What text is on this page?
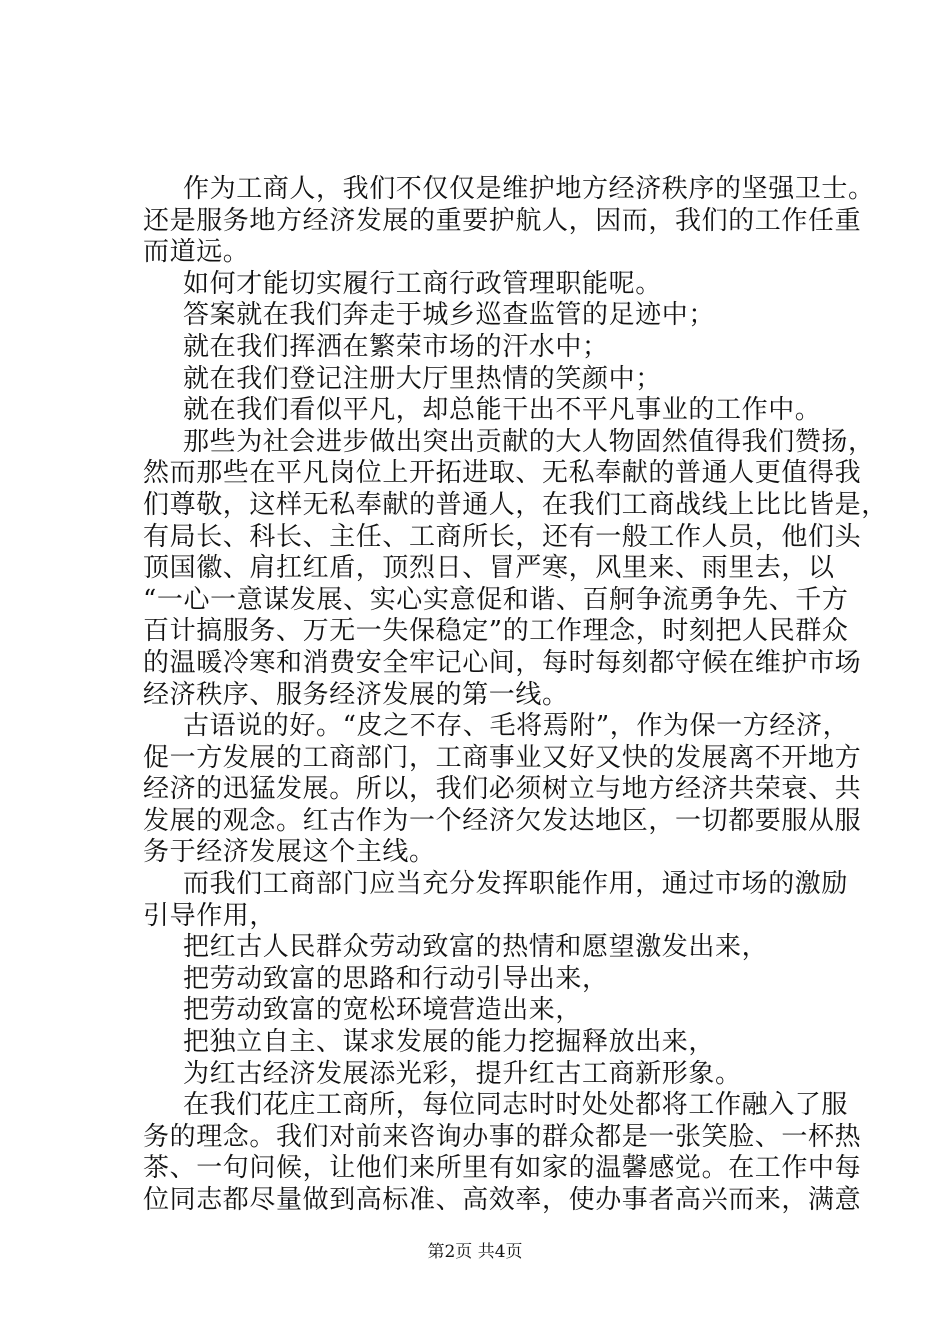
作为工商人，我们不仅仅是维护地方经济秩序的坚强卫士。
还是服务地方经济发展的重要护航人，因而，我们的工作任重
而道远。
如何才能切实履行工商行政管理职能呢。
答案就在我们奔走于城乡巡查监管的足迹中；
就在我们挥洒在繁荣市场的汗水中；
就在我们登记注册大厅里热情的笑颜中；
就在我们看似平凡，却总能干出不平凡事业的工作中。
那些为社会进步做出突出贡献的大人物固然值得我们赞扬，
然而那些在平凡岗位上开拓进取、无私奉献的普通人更值得我
们尊敬，这样无私奉献的普通人，在我们工商战线上比比皆是，
有局长、科长、主任、工商所长，还有一般工作人员，他们头
顶国徽、肩扛红盾，顶烈日、冒严寒，风里来、雨里去，以
“一心一意谋发展、实心实意促和谐、百舸争流勇争先、千方
百计搞服务、万无一失保稳定”的工作理念，时刻把人民群众
的温暖冷寒和消费安全牢记心间，每时每刻都守候在维护市场
经济秩序、服务经济发展的第一线。
古语说的好。“皮之不存、毛将焉附”，作为保一方经济，
促一方发展的工商部门，工商事业又好又快的发展离不开地方
经济的迅猛发展。所以，我们必须树立与地方经济共荣衰、共
发展的观念。红古作为一个经济欠发达地区，一切都要服从服
务于经济发展这个主线。
而我们工商部门应当充分发挥职能作用，通过市场的激励
引导作用，
把红古人民群众劳动致富的热情和愿望激发出来，
把劳动致富的思路和行动引导出来，
把劳动致富的宽松环境营造出来，
把独立自主、谋求发展的能力挖掘释放出来，
为红古经济发展添光彩，提升红古工商新形象。
在我们花庄工商所，每位同志时时处处都将工作融入了服
务的理念。我们对前来咨询办事的群众都是一张笑脸、一杯热
茶、一句问候，让他们来所里有如家的温馨感觉。在工作中每
位同志都尽量做到高标准、高效率，使办事者高兴而来，满意
第2页 共4页
